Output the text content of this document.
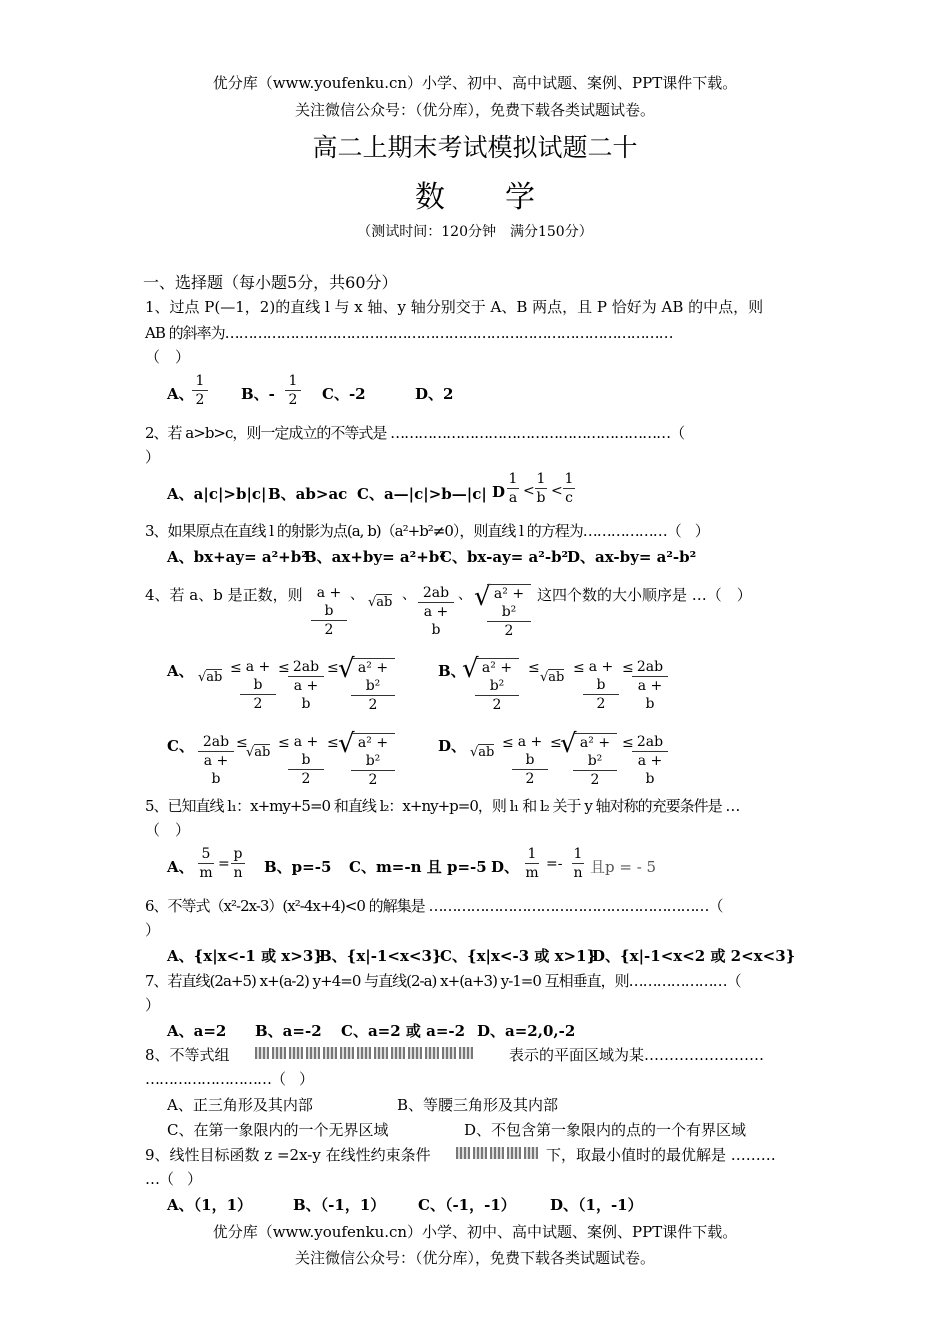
优分库（www.youfenku.cn）小学、初中、高中试题、案例、PPT课件下载。
关注微信公众号：（优分库），免费下载各类试题试卷。
高二上期末考试模拟试题二十
数学
（测试时间：120分钟　满分150分）
一、选择题（每小题5分，共60分）
1、过点 P(—1，2)的直线 l 与 x 轴、y 轴分别交于 A、B 两点，且 P 恰好为 AB 的中点，则
AB 的斜率为……………………………………………………………………………………
（　）
A、
$\frac{1}{2}$ B、- $\frac{1}{2}$ C、-2	D、2
2、若 a>b>c，则一定成立的不等式是 ……………………………………………………（
）
A、a|c|>b|c| B、ab>ac C、a—|c|>b—|c| D $\frac{1}{a} < \frac{1}{b} < \frac{1}{c}$
3、如果原点在直线 l 的射影为点(a, b)（a²+b²≠0），则直线 l 的方程为………………（　）
A、bx+ay= a²+b²
B、ax+by= a²+b²
C、bx-ay= a²-b²
D、ax-by= a²-b²
4、若 a、b 是正数，则 $\frac{a + b}{2}$ 、 √ab 、 $\frac{2ab}{a + b}$ 、 √
$\frac{\text{a² + b²}}{2}$ 这四个数的大小顺序是 …（　）
A、 √ab
≤
$\frac{a + b}{2}$ ≤
$\frac{2ab}{a + b}$ ≤ √
$\frac{\text{a² + b²}}{2}$	B、
√
$\frac{\text{a² + b²}}{2}$ ≤
√ab
≤
$\frac{a + b}{2}$ ≤
$\frac{2ab}{a + b}$
C、 $\frac{2ab}{a + b}$ ≤
√ab
≤
$\frac{a + b}{2}$ ≤ √
$\frac{\text{a² + b²}}{2}$	D、 √ab
≤
$\frac{a + b}{2}$ ≤
√
$\frac{\text{a² + b²}}{2}$ ≤
$\frac{2ab}{a + b}$
5、已知直线 l₁：x+my+5=0 和直线 l₂：x+ny+p=0，则 l₁ 和 l₂ 关于 y 轴对称的充要条件是 …
（　）
A、 $\frac{5}{m} = \frac{p}{n}$ B、p=-5 C、m=-n 且 p=-5 D、 $\frac{1}{m} =- \frac{1}{n}$ 且p = - 5
6、不等式（x²-2x-3）(x²-4x+4)<0 的解集是 ……………………………………………………（
）
A、{x|x<-1 或 x>3}
B、{x|-1<x<3}
C、{x|x<-3 或 x>1}
D、{x|-1<x<2 或 2<x<3}
7、若直线(2a+5) x+(a-2) y+4=0 与直线(2-a) x+(a+3) y-1=0 互相垂直，则…………………（
）
A、a=2 B、a=-2 C、a=2 或 a=-2 D、a=2,0,-2
8、不等式组	表示的平面区域为某……………………
………………………（　）
A、正三角形及其内部	B、等腰三角形及其内部
C、在第一象限内的一个无界区域	D、不包含第一象限内的点的一个有界区域
9、线性目标函数 z =2x-y 在线性约束条件	下，取最小值时的最优解是 ………
…（　）
A、（1，1）	B、（-1，1） C、（-1，-1） D、（1，-1）
优分库（www.youfenku.cn）小学、初中、高中试题、案例、PPT课件下载。
关注微信公众号：（优分库），免费下载各类试题试卷。
